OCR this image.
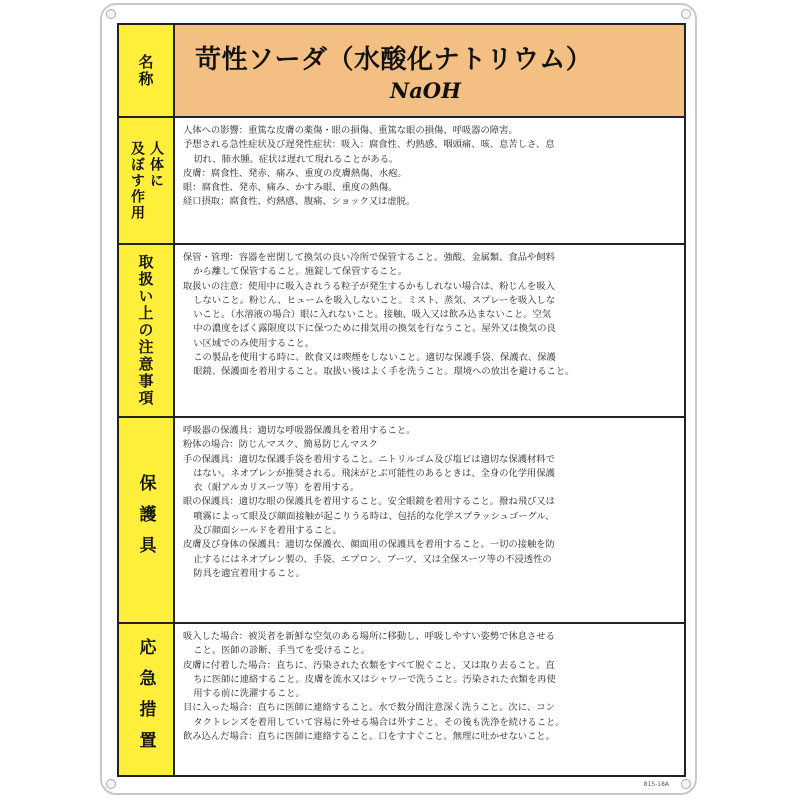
名称 苛性ソーダ（水酸化ナトリウム）
NaOH
人体に
及ぼす作用

人体への影響：重篤な皮膚の薬傷・眼の損傷、重篤な眼の損傷、呼吸器の障害。

予想される急性症状及び遅発性症状：吸入：腐食性、灼熱感、咽頭痛、咳、息苦しさ、息

切れ、肺水腫。症状は遅れて現れることがある。

皮膚：腐食性、発赤、痛み、重度の皮膚熱傷、水疱。

眼：腐食性、発赤、痛み、かすみ眼、重度の熱傷。

経口摂取：腐食性、灼熱感、腹痛、ショック又は虚脱。

取扱い上の注意事項	保管・管理：容器を密閉して換気の良い冷所で保管すること。強酸、金属類、食品や飼料

から離して保管すること。施錠して保管すること。

取扱いの注意：使用中に吸入されうる粒子が発生するかもしれない場合は、粉じんを吸入

しないこと。粉じん、ヒュームを吸入しないこと。ミスト、蒸気、スプレーを吸入しな

いこと。（水溶液の場合）眼に入れないこと。接触、吸入又は飲み込まないこと。空気

中の濃度をばく露限度以下に保つために排気用の換気を行なうこと。屋外又は換気の良

い区域でのみ使用すること。

この製品を使用する時に、飲食又は喫煙をしないこと。適切な保護手袋、保護衣、保護

眼鏡、保護面を着用すること。取扱い後はよく手を洗うこと。環境への放出を避けること。

保護具

呼吸器の保護具：適切な呼吸器保護具を着用すること。

粉体の場合：防じんマスク、簡易防じんマスク

手の保護具：適切な保護手袋を着用すること。ニトリルゴム及び塩ビは適切な保護材料で

はない。ネオプレンが推奨される。飛沫がとぶ可能性のあるときは、全身の化学用保護

衣（耐アルカリスーツ等）を着用する。

眼の保護具：適切な眼の保護具を着用すること。安全眼鏡を着用すること。撥ね飛び又は

噴霧によって眼及び顔面接触が起こりうる時は、包括的な化学スプラッシュゴーグル、

及び顔面シールドを着用すること。

皮膚及び身体の保護具：適切な保護衣、顔面用の保護具を着用すること。一切の接触を防

止するにはネオプレン製の、手袋、エプロン、ブーツ、又は全保スーツ等の不浸透性の

防具を適宜着用すること。

応急措置

吸入した場合：被災者を新鮮な空気のある場所に移動し、呼吸しやすい姿勢で休息させる

こと。医師の診断、手当てを受けること。

皮膚に付着した場合：直ちに、汚染された衣類をすべて脱ぐこと、又は取り去ること。直

ちに医師に連絡すること。皮膚を流水又はシャワーで洗うこと。汚染された衣類を再使

用する前に洗濯すること。

目に入った場合：直ちに医師に連絡すること。水で数分間注意深く洗うこと。次に、コン

タクトレンズを着用していて容易に外せる場合は外すこと。その後も洗浄を続けること。

飲み込んだ場合：直ちに医師に連絡すること。口をすすぐこと。無理に吐かせないこと。

815-18A
